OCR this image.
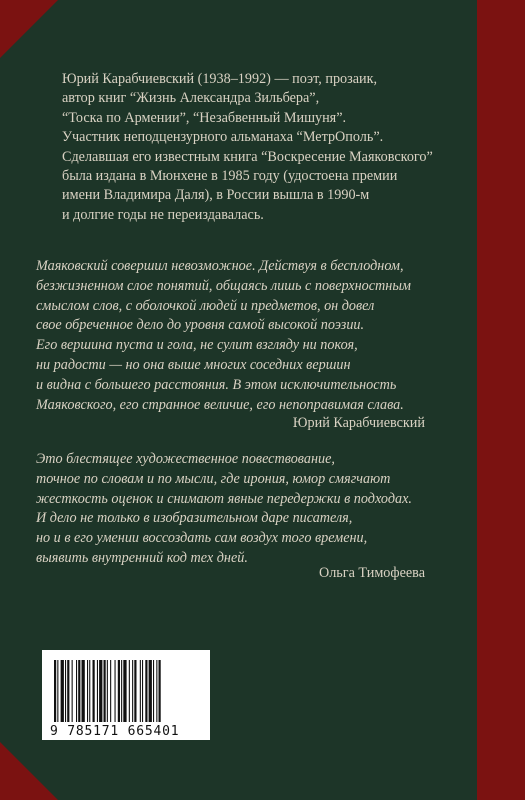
Юрий Карабчиевский (1938–1992) — поэт, прозаик,
автор книг “Жизнь Александра Зильбера”,
“Тоска по Армении”, “Незабвенный Мишуня”.
Участник неподцензурного альманаха “МетрОполь”.
Сделавшая его известным книга “Воскресение Маяковского”
была издана в Мюнхене в 1985 году (удостоена премии
имени Владимира Даля), в России вышла в 1990-м
и долгие годы не переиздавалась.
Маяковский совершил невозможное. Действуя в бесплодном,
безжизненном слое понятий, общаясь лишь с поверхностным
смыслом слов, с оболочкой людей и предметов, он довел
свое обреченное дело до уровня самой высокой поэзии.
Его вершина пуста и гола, не сулит взгляду ни покоя,
ни радости — но она выше многих соседних вершин
и видна с большего расстояния. В этом исключительность
Маяковского, его странное величие, его непоправимая слава.
Юрий Карабчиевский
Это блестящее художественное повествование,
точное по словам и по мысли, где ирония, юмор смягчают
жесткость оценок и снимают явные передержки в подходах.
И дело не только в изобразительном даре писателя,
но и в его умении воссоздать сам воздух того времени,
выявить внутренний код тех дней.
Ольга Тимофеева
9 785171 665401
